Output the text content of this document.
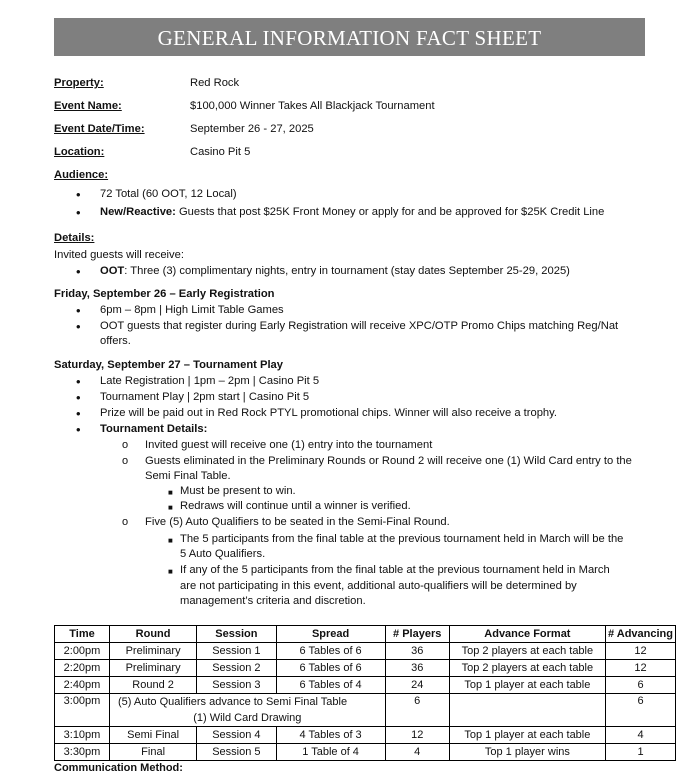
GENERAL INFORMATION FACT SHEET
Property:	Red Rock
Event Name:	$100,000 Winner Takes All Blackjack Tournament
Event Date/Time:	September 26 - 27, 2025
Location:	Casino Pit 5
Audience:
• 72 Total (60 OOT, 12 Local)
• New/Reactive: Guests that post $25K Front Money or apply for and be approved for $25K Credit Line
Details:
Invited guests will receive:
• OOT: Three (3) complimentary nights, entry in tournament (stay dates September 25-29, 2025)
Friday, September 26 – Early Registration
• 6pm – 8pm | High Limit Table Games
• OOT guests that register during Early Registration will receive XPC/OTP Promo Chips matching Reg/Nat
offers.
Saturday, September 27 – Tournament Play
• Late Registration | 1pm – 2pm | Casino Pit 5
• Tournament Play | 2pm start | Casino Pit 5
• Prize will be paid out in Red Rock PTYL promotional chips. Winner will also receive a trophy.
• Tournament Details:
o Invited guest will receive one (1) entry into the tournament
o Guests eliminated in the Preliminary Rounds or Round 2 will receive one (1) Wild Card entry to the
Semi Final Table.
■ Must be present to win.
■ Redraws will continue until a winner is verified.
o Five (5) Auto Qualifiers to be seated in the Semi-Final Round.
■ The 5 participants from the final table at the previous tournament held in March will be the
5 Auto Qualifiers.
■ If any of the 5 participants from the final table at the previous tournament held in March
are not participating in this event, additional auto-qualifiers will be determined by
management’s criteria and discretion.
Time	Round	Session	Spread	# Players	Advance Format	# Advancing
2:00pm	Preliminary	Session 1	6 Tables of 6	36	Top 2 players at each table	12
2:20pm	Preliminary	Session 2	6 Tables of 6	36	Top 2 players at each table	12
2:40pm	Round 2	Session 3	6 Tables of 4	24	Top 1 player at each table	6
3:00pm	(5) Auto Qualifiers advance to Semi Final Table
(1) Wild Card Drawing			6		6
3:10pm	Semi Final	Session 4	4 Tables of 3	12	Top 1 player at each table	4
3:30pm	Final	Session 5	1 Table of 4	4	Top 1 player wins	1
Communication Method:
